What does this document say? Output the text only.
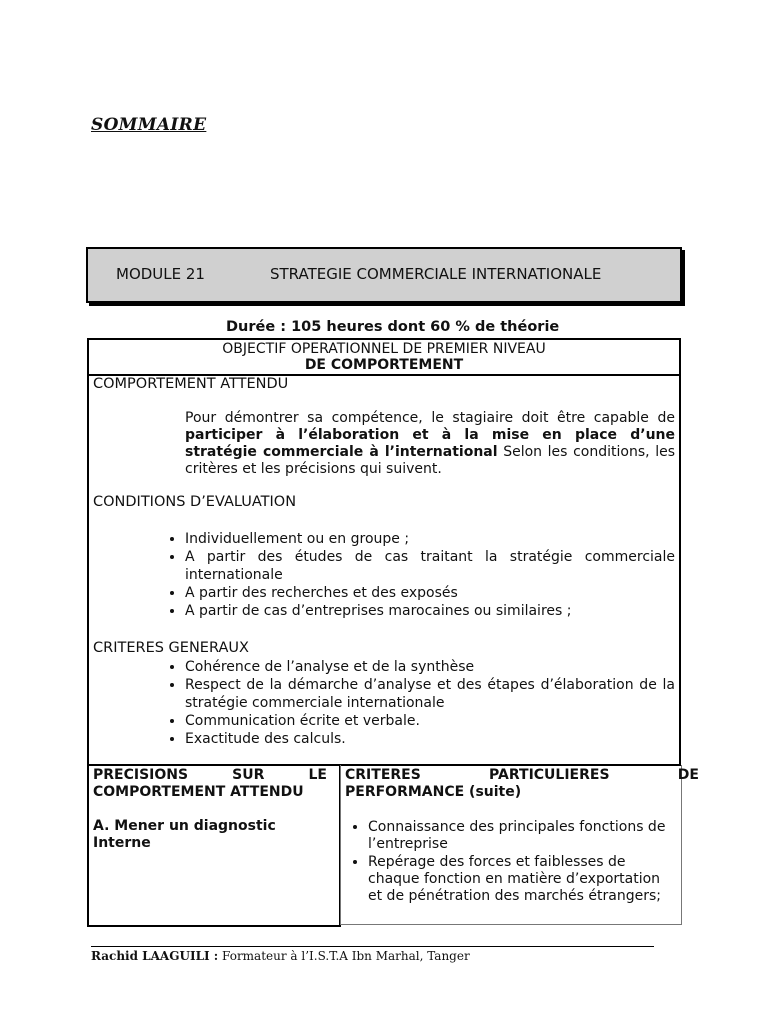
SOMMAIRE
MODULE 21	STRATEGIE COMMERCIALE INTERNATIONALE
Durée : 105 heures dont 60 % de théorie
OBJECTIF OPERATIONNEL DE PREMIER NIVEAU
DE COMPORTEMENT
COMPORTEMENT ATTENDU
Pour démontrer sa compétence, le stagiaire doit être capable de participer à l’élaboration et à la mise en place d’une stratégie commerciale à l’international Selon les conditions, les critères et les précisions qui suivent.
CONDITIONS D’EVALUATION
• Individuellement ou en groupe ;
• A partir des études de cas traitant la stratégie commerciale internationale
• A partir des recherches et des exposés
• A partir de cas d’entreprises marocaines ou similaires ;
CRITERES GENERAUX
• Cohérence de l’analyse et de la synthèse
• Respect de la démarche d’analyse et des étapes d’élaboration de la stratégie commerciale internationale
• Communication écrite et verbale.
• Exactitude des calculs.
PRECISIONS SUR LE
COMPORTEMENT ATTENDU
A. Mener un diagnostic Interne
CRITERES PARTICULIERES DE
PERFORMANCE (suite)
• Connaissance des principales fonctions de l’entreprise
• Repérage des forces et faiblesses de chaque fonction en matière d’exportation et de pénétration des marchés étrangers;
Rachid LAAGUILI : Formateur à l’I.S.T.A Ibn Marhal, Tanger
